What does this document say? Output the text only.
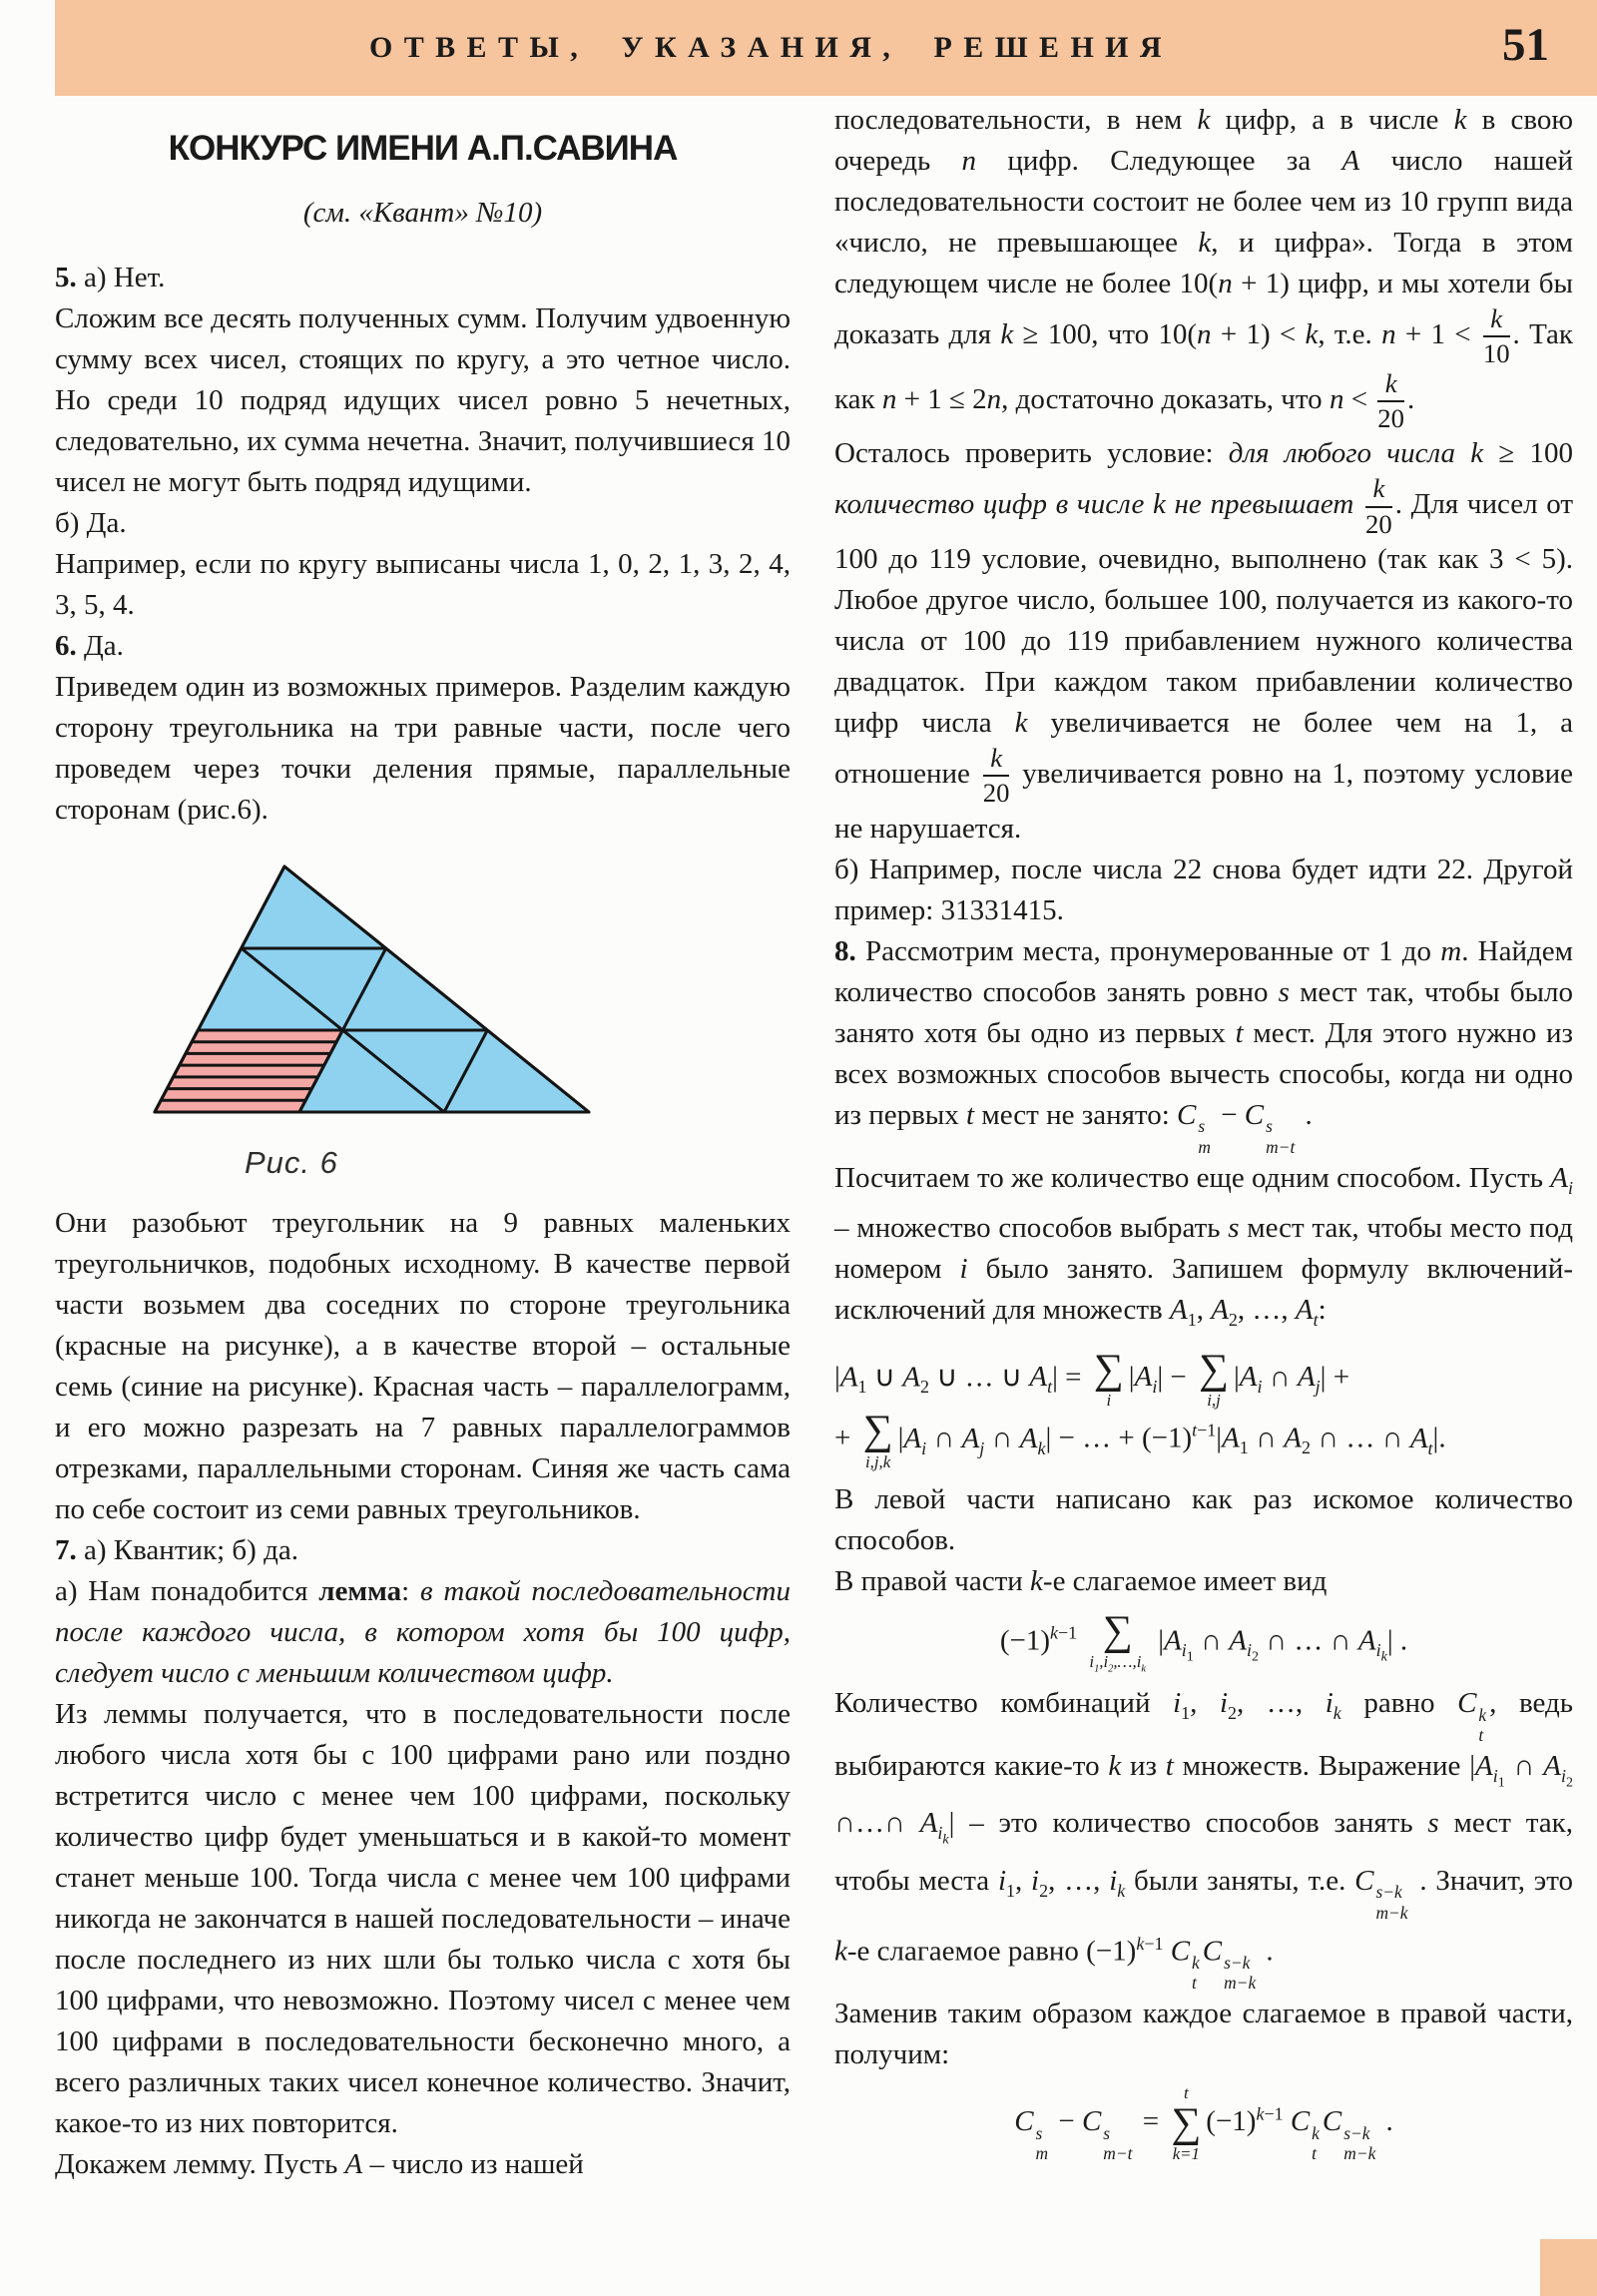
ОТВЕТЫ, УКАЗАНИЯ, РЕШЕНИЯ	51
КОНКУРС ИМЕНИ А.П.САВИНА
(см. «Квант» №10)
5. а) Нет.
Сложим все десять полученных сумм. Получим удвоенную сумму всех чисел, стоящих по кругу, а это четное число. Но среди 10 подряд идущих чисел ровно 5 нечетных, следовательно, их сумма нечетна. Значит, получившиеся 10 чисел не могут быть подряд идущими.
б) Да.
Например, если по кругу выписаны числа 1, 0, 2, 1, 3, 2, 4, 3, 5, 4.
6. Да.
Приведем один из возможных примеров. Разделим каждую сторону треугольника на три равные части, после чего проведем через точки деления прямые, параллельные сторонам (рис.6).
Рис. 6
Они разобьют треугольник на 9 равных маленьких треугольничков, подобных исходному. В качестве первой части возьмем два соседних по стороне треугольника (красные на рисунке), а в качестве второй – остальные семь (синие на рисунке). Красная часть – параллелограмм, и его можно разрезать на 7 равных параллелограммов отрезками, параллельными сторонам. Синяя же часть сама по себе состоит из семи равных треугольников.
7. а) Квантик; б) да.
а) Нам понадобится лемма: в такой последовательности после каждого числа, в котором хотя бы 100 цифр, следует число с меньшим количеством цифр.
Из леммы получается, что в последовательности после любого числа хотя бы с 100 цифрами рано или поздно встретится число с менее чем 100 цифрами, поскольку количество цифр будет уменьшаться и в какой-то момент станет меньше 100. Тогда числа с менее чем 100 цифрами никогда не закончатся в нашей последовательности – иначе после последнего из них шли бы только числа с хотя бы 100 цифрами, что невозможно. Поэтому чисел с менее чем 100 цифрами в последовательности бесконечно много, а всего различных таких чисел конечное количество. Значит, какое-то из них повторится.
Докажем лемму. Пусть A – число из нашей
последовательности, в нем k цифр, а в числе k в свою очередь n цифр. Следующее за A число нашей последовательности состоит не более чем из 10 групп вида «число, не превышающее k, и цифра». Тогда в этом следующем числе не более 10(n + 1) цифр, и мы хотели бы доказать для k ≥ 100, что 10(n + 1) < k, т.е. $n + 1 < \frac{k}{10}$ . Так как n + 1 ≤ 2n, достаточно доказать, что $n < \frac{k}{20}$ .
Осталось проверить условие: для любого числа k ≥ 100 количество цифр в числе k не превышает $\frac{k}{20}$ . Для чисел от 100 до 119 условие, очевидно, выполнено (так как 3 < 5). Любое другое число, большее 100, получается из какого-то числа от 100 до 119 прибавлением нужного количества двадцаток. При каждом таком прибавлении количество цифр числа k увеличивается не более чем на 1, а отношение $\frac{k}{20}$ увеличивается ровно на 1, поэтому условие не нарушается.
б) Например, после числа 22 снова будет идти 22. Другой пример: 31331415.
8. Рассмотрим места, пронумерованные от 1 до m. Найдем количество способов занять ровно s мест так, чтобы было занято хотя бы одно из первых t мест. Для этого нужно из всех возможных способов вычесть способы, когда ни одно из первых t мест не занято: C s
m
− C s
m−t
.
Посчитаем то же количество еще одним способом. Пусть $A_i$ – множество способов выбрать s мест так, чтобы место под номером i было занято. Запишем формулу включений-исключений для множеств $A_1$, $A_2$, …, $A_t$:
$|A_1$ ∪ $A_2$ ∪ … ∪ $A_t|$ = ∑
i
$|A_i|$ − ∑
i,j
$|A_i$ ∩ $A_j|$ +
+ ∑
i,j,k
$|A_i$ ∩ $A_j$ ∩ $A_k|$ − … + $(-1)^{t-1}|A_1$ ∩ $A_2$ ∩ … ∩ $A_t|$.
В левой части написано как раз искомое количество способов.
В правой части k-е слагаемое имеет вид
$(-1)^{k-1}$ ∑
$i_1,i_2,\dots,i_k$
$|A_{i_1}$ ∩ $A_{i_2}$ ∩ … ∩ $A_{i_k}|$ .
Количество комбинаций $i_1$, $i_2$, …, $i_k$ равно C k
t
, ведь выбираются какие-то k из t множеств. Выражение $|A_{i_1}$ ∩ $A_{i_2}$ ∩…∩ $A_{i_k}|$ – это количество способов занять s мест так, чтобы места $i_1$, $i_2$, …, $i_k$ были заняты, т.е. C s−k
m−k
. Значит, это k-е слагаемое равно $(-1)^{k-1}$ C k
t
C s−k
m−k
.
Заменив таким образом каждое слагаемое в правой части, получим:
C s
m
− C s
m−t
=
t
∑
k=1
$(-1)^{k-1}$ C k
t
C s−k
m−k
.
